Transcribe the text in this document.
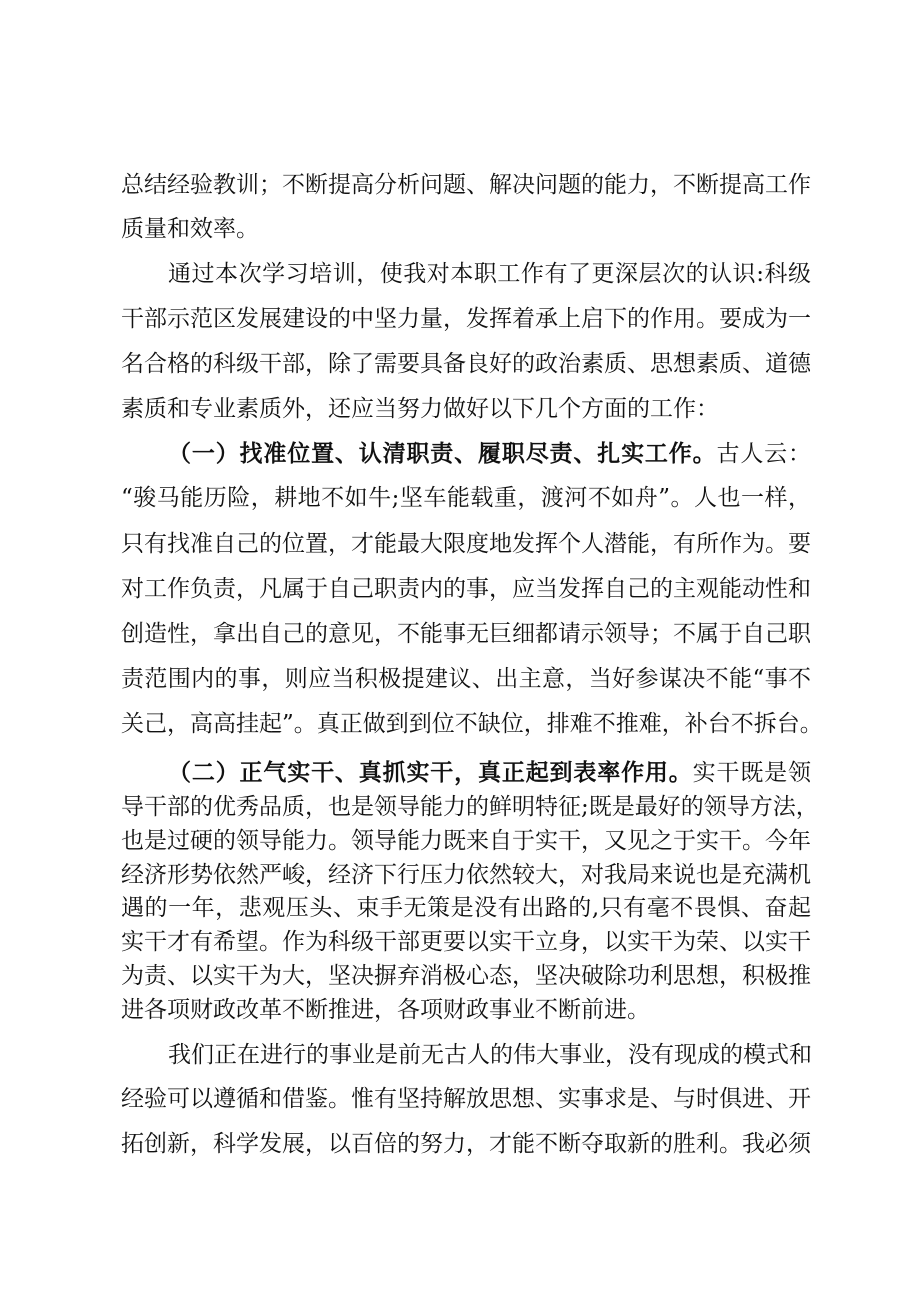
总结经验教训；不断提高分析问题、解决问题的能力，不断提高工作
质量和效率。
通过本次学习培训，使我对本职工作有了更深层次的认识:科级
干部示范区发展建设的中坚力量，发挥着承上启下的作用。要成为一
名合格的科级干部，除了需要具备良好的政治素质、思想素质、道德
素质和专业素质外，还应当努力做好以下几个方面的工作：
（一）找准位置、认清职责、履职尽责、扎实工作。古人云：
“骏马能历险，耕地不如牛;坚车能载重，渡河不如舟”。人也一样，
只有找准自己的位置，才能最大限度地发挥个人潜能，有所作为。要
对工作负责，凡属于自己职责内的事，应当发挥自己的主观能动性和
创造性，拿出自己的意见，不能事无巨细都请示领导；不属于自己职
责范围内的事，则应当积极提建议、出主意，当好参谋决不能“事不
关己，高高挂起”。真正做到到位不缺位，排难不推难，补台不拆台。
（二）正气实干、真抓实干，真正起到表率作用。实干既是领
导干部的优秀品质，也是领导能力的鲜明特征;既是最好的领导方法，
也是过硬的领导能力。领导能力既来自于实干，又见之于实干。今年
经济形势依然严峻，经济下行压力依然较大，对我局来说也是充满机
遇的一年，悲观压头、束手无策是没有出路的,只有毫不畏惧、奋起
实干才有希望。作为科级干部更要以实干立身，以实干为荣、以实干
为责、以实干为大，坚决摒弃消极心态，坚决破除功利思想，积极推
进各项财政改革不断推进，各项财政事业不断前进。
我们正在进行的事业是前无古人的伟大事业，没有现成的模式和
经验可以遵循和借鉴。惟有坚持解放思想、实事求是、与时俱进、开
拓创新，科学发展，以百倍的努力，才能不断夺取新的胜利。我必须
